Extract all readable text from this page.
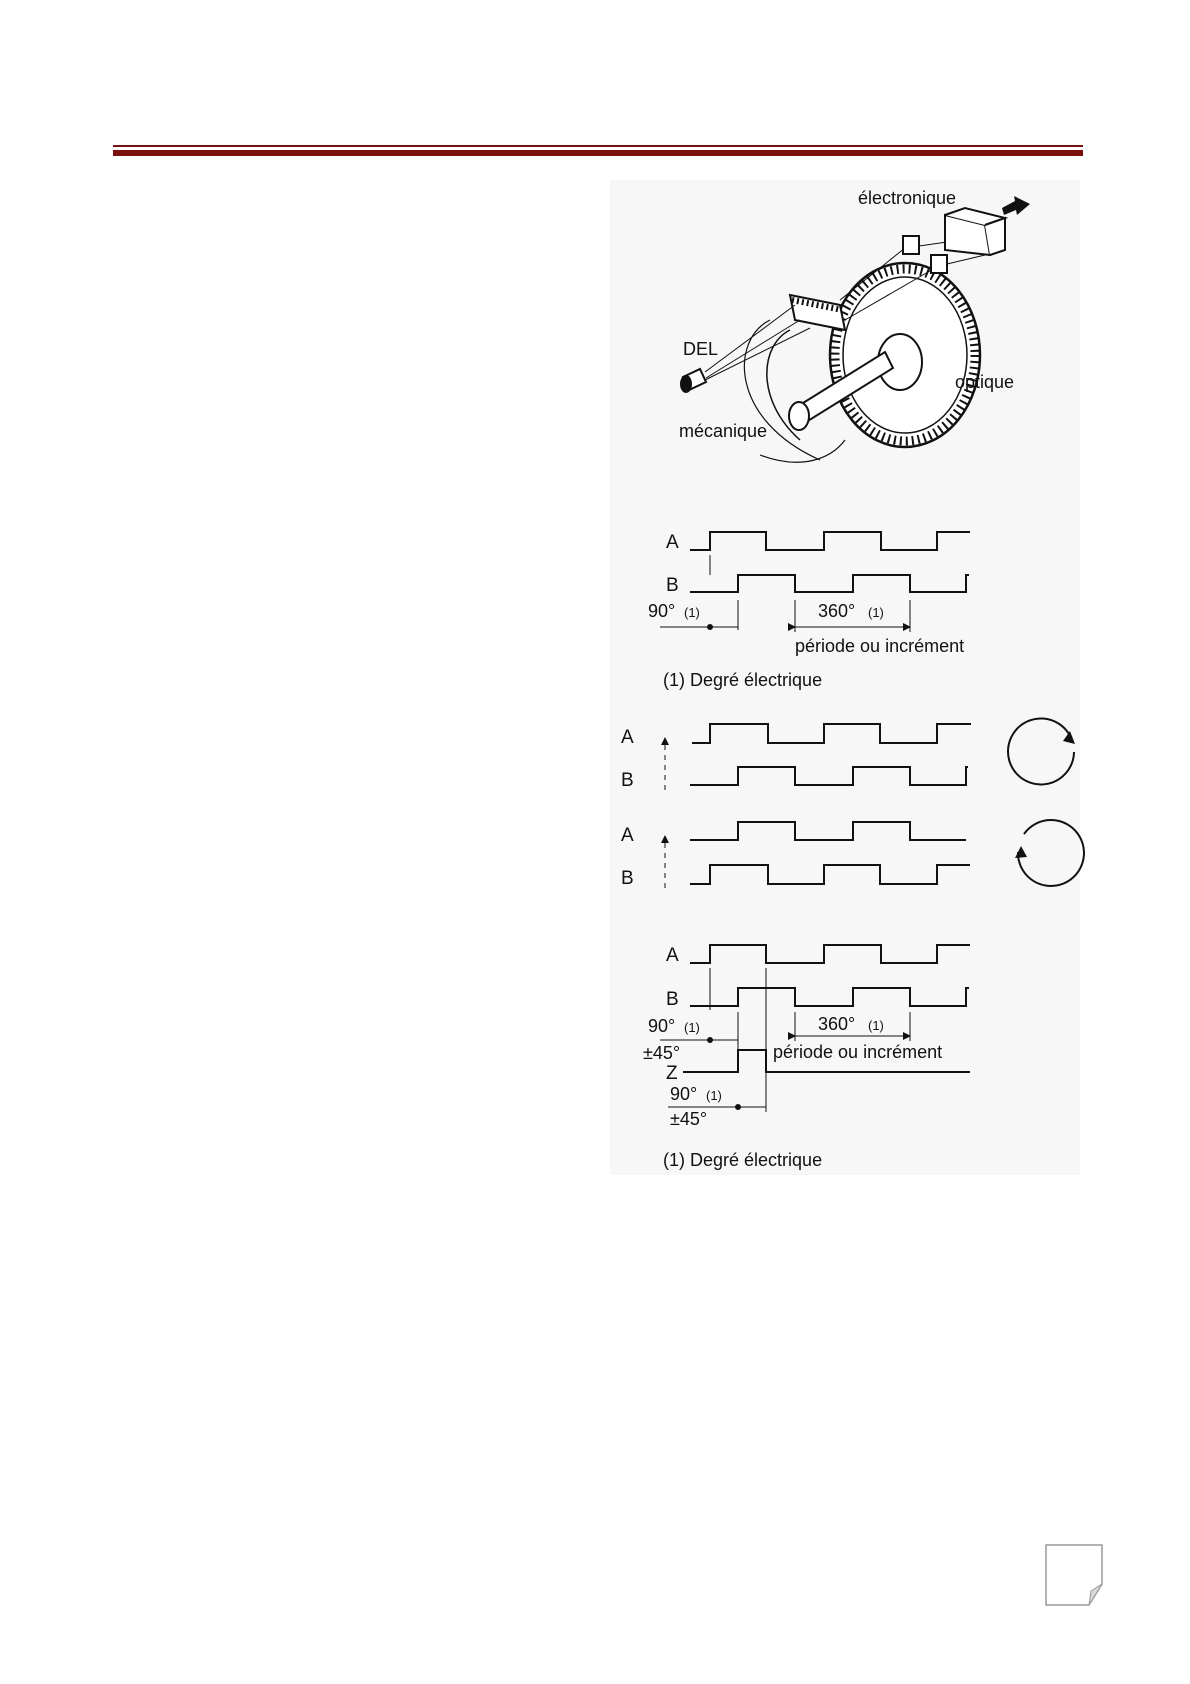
électronique
DEL
optique
mécanique
A
B
90° (1)	360° (1)
période ou incrément
(1) Degré électrique
A
B
A
B
A
B
Z
90° (1)
±45°
360° (1)
période ou incrément
90° (1)
±45°
(1) Degré électrique
